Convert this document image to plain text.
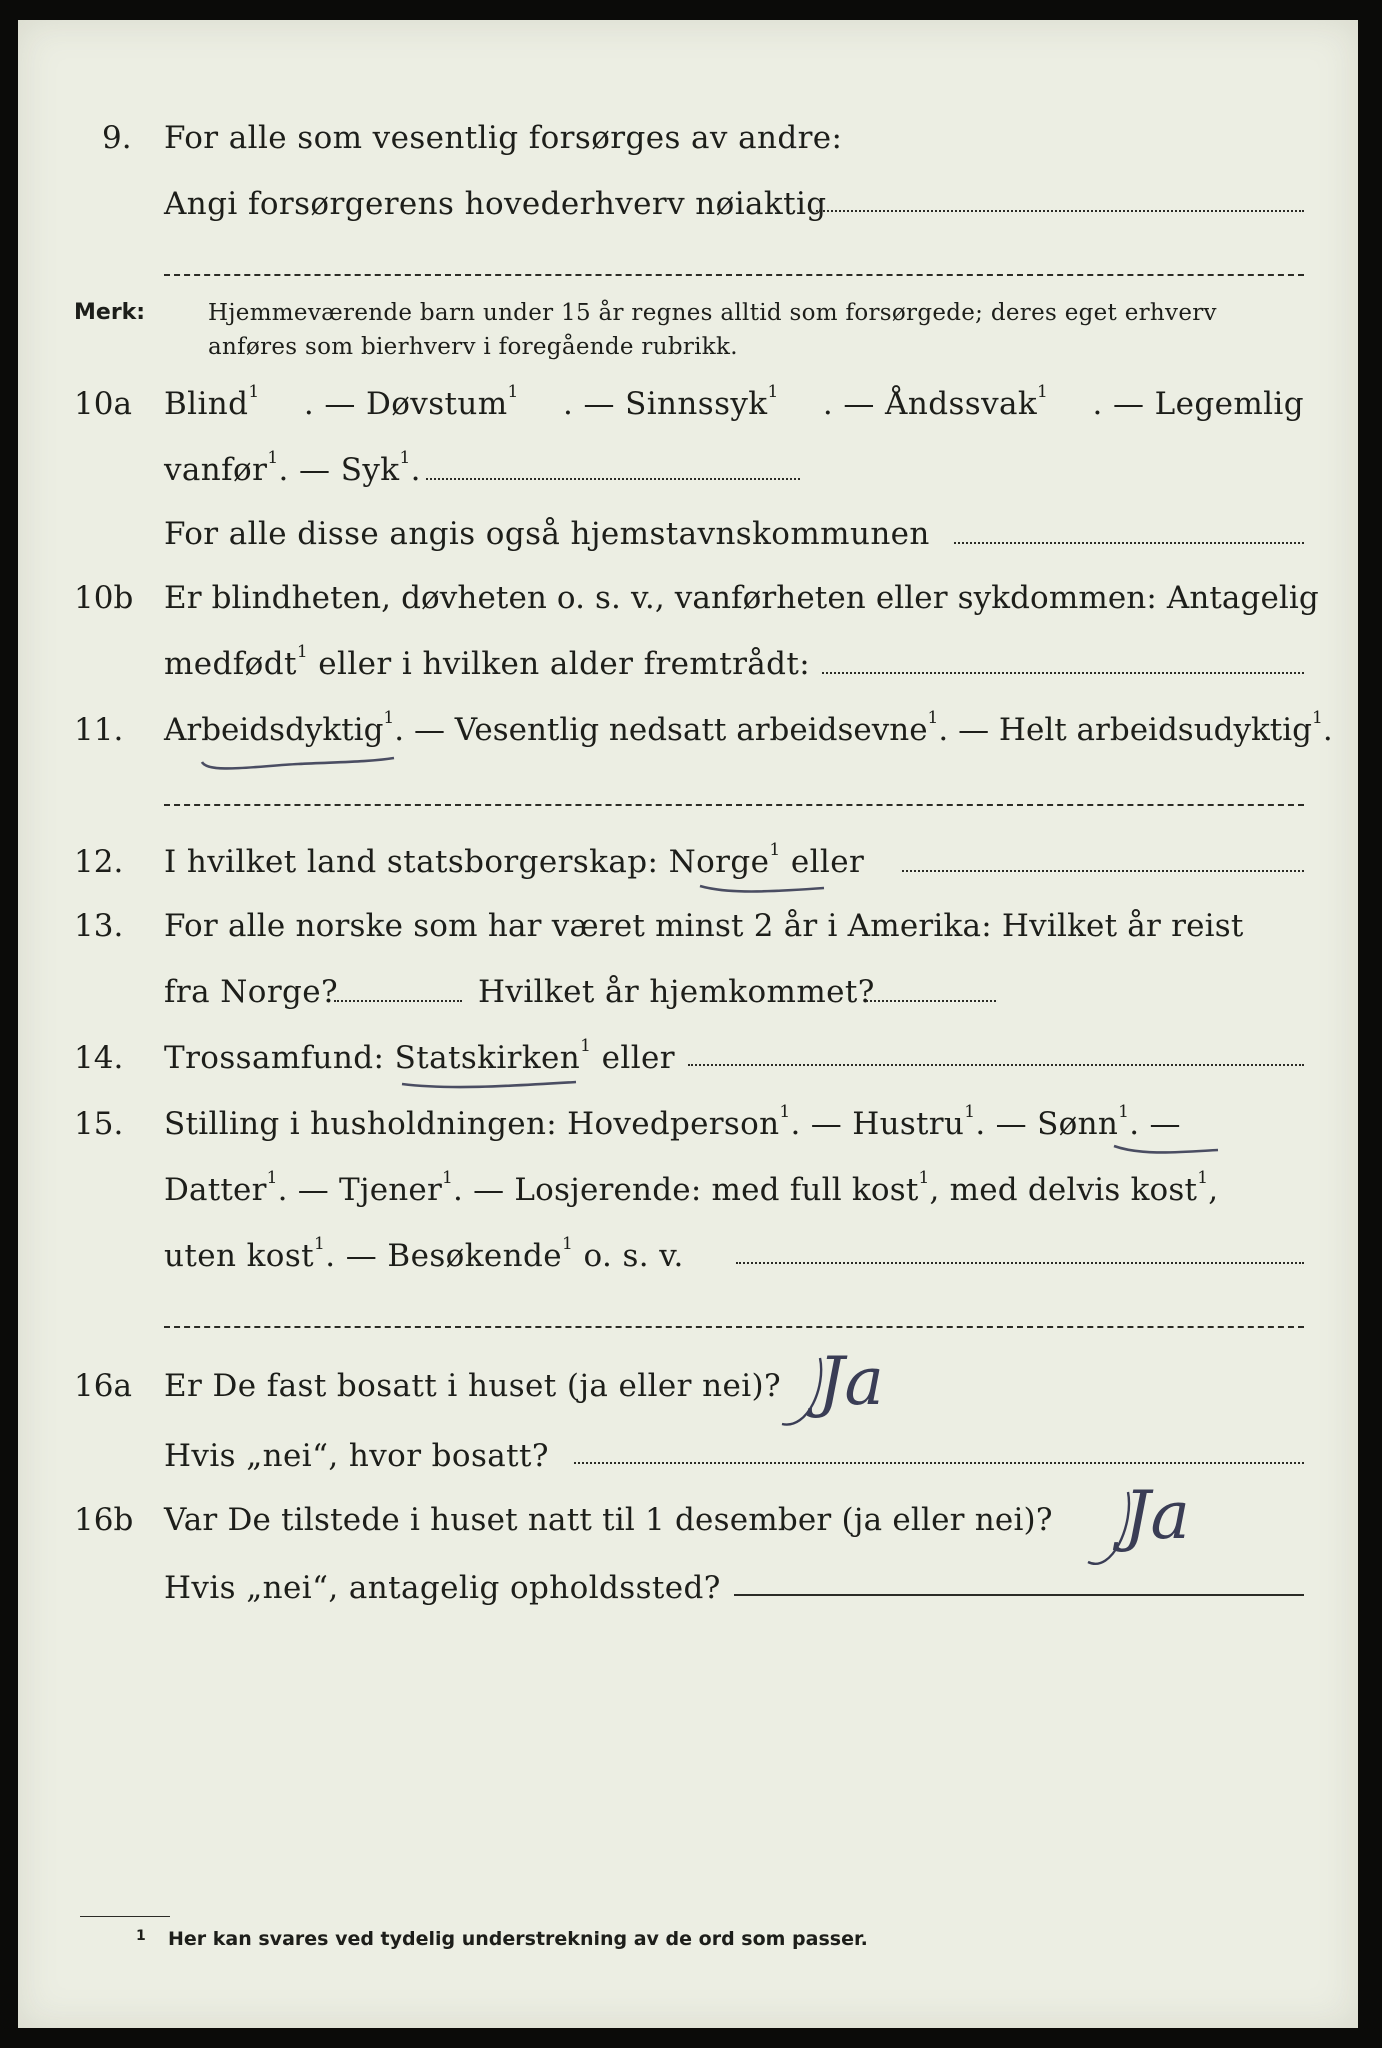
9. For alle som vesentlig forsørges av andre:
Angi forsørgerens hovederhverv nøiaktig
Merk:	Hjemmeværende barn under 15 år regnes alltid som forsørgede; deres eget erhverv
anføres som bierhverv i foregående rubrikk.
10a Blind$^1$ . — Døvstum$^1$ . — Sinnssyk$^1$ . — Åndssvak$^1$ . — Legemlig
vanfør$^1$. — Syk$^1$.
For alle disse angis også hjemstavnskommunen
10b Er blindheten, døvheten o. s. v., vanførheten eller sykdommen: Antagelig
medfødt$^1$ eller i hvilken alder fremtrådt:
11. Arbeidsdyktig$^1$. — Vesentlig nedsatt arbeidsevne$^1$. — Helt arbeidsudyktig$^1$.
12. I hvilket land statsborgerskap: Norge$^1$ eller
13. For alle norske som har været minst 2 år i Amerika: Hvilket år reist
fra Norge?	Hvilket år hjemkommet?
14. Trossamfund: Statskirken$^1$ eller
15. Stilling i husholdningen: Hovedperson$^1$. — Hustru$^1$. — Sønn$^1$. —
Datter$^1$. — Tjener$^1$. — Losjerende: med full kost$^1$, med delvis kost$^1$,
uten kost$^1$. — Besøkende$^1$ o. s. v.
16a Er De fast bosatt i huset (ja eller nei)? Ja
Hvis „nei“, hvor bosatt?
16b Var De tilstede i huset natt til 1 desember (ja eller nei)? Ja
Hvis „nei“, antagelig opholdssted?
1 Her kan svares ved tydelig understrekning av de ord som passer.
